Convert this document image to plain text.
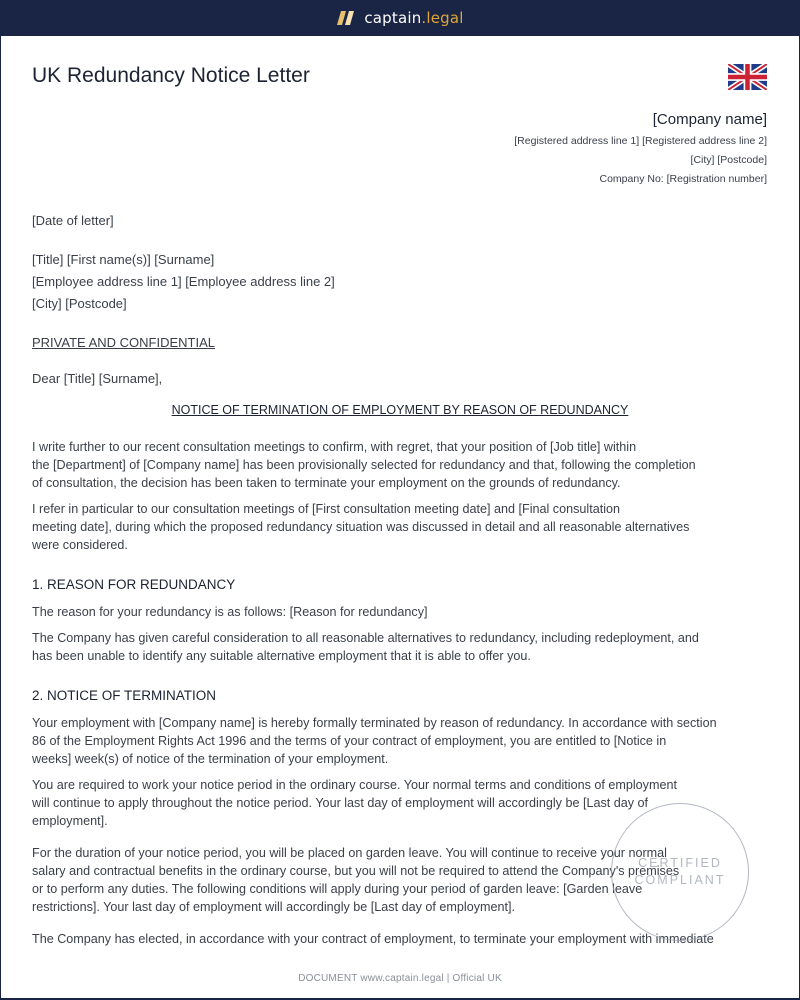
captain.legal
UK Redundancy Notice Letter
[Company name]
[Registered address line 1] [Registered address line 2]
[City] [Postcode]
Company No: [Registration number]
[Date of letter]
[Title] [First name(s)] [Surname]
[Employee address line 1] [Employee address line 2]
[City] [Postcode]
PRIVATE AND CONFIDENTIAL
Dear [Title] [Surname],
NOTICE OF TERMINATION OF EMPLOYMENT BY REASON OF REDUNDANCY
I write further to our recent consultation meetings to confirm, with regret, that your position of [Job title] within
the [Department] of [Company name] has been provisionally selected for redundancy and that, following the completion
of consultation, the decision has been taken to terminate your employment on the grounds of redundancy.
I refer in particular to our consultation meetings of [First consultation meeting date] and [Final consultation
meeting date], during which the proposed redundancy situation was discussed in detail and all reasonable alternatives
were considered.
1. REASON FOR REDUNDANCY
The reason for your redundancy is as follows: [Reason for redundancy]
The Company has given careful consideration to all reasonable alternatives to redundancy, including redeployment, and
has been unable to identify any suitable alternative employment that it is able to offer you.
2. NOTICE OF TERMINATION
Your employment with [Company name] is hereby formally terminated by reason of redundancy. In accordance with section
86 of the Employment Rights Act 1996 and the terms of your contract of employment, you are entitled to [Notice in
weeks] week(s) of notice of the termination of your employment.
You are required to work your notice period in the ordinary course. Your normal terms and conditions of employment
will continue to apply throughout the notice period. Your last day of employment will accordingly be [Last day of
employment].
For the duration of your notice period, you will be placed on garden leave. You will continue to receive your normal
salary and contractual benefits in the ordinary course, but you will not be required to attend the Company's premises
or to perform any duties. The following conditions will apply during your period of garden leave: [Garden leave
restrictions]. Your last day of employment will accordingly be [Last day of employment].
The Company has elected, in accordance with your contract of employment, to terminate your employment with immediate
CERTIFIED
COMPLIANT
DOCUMENT www.captain.legal | Official UK
